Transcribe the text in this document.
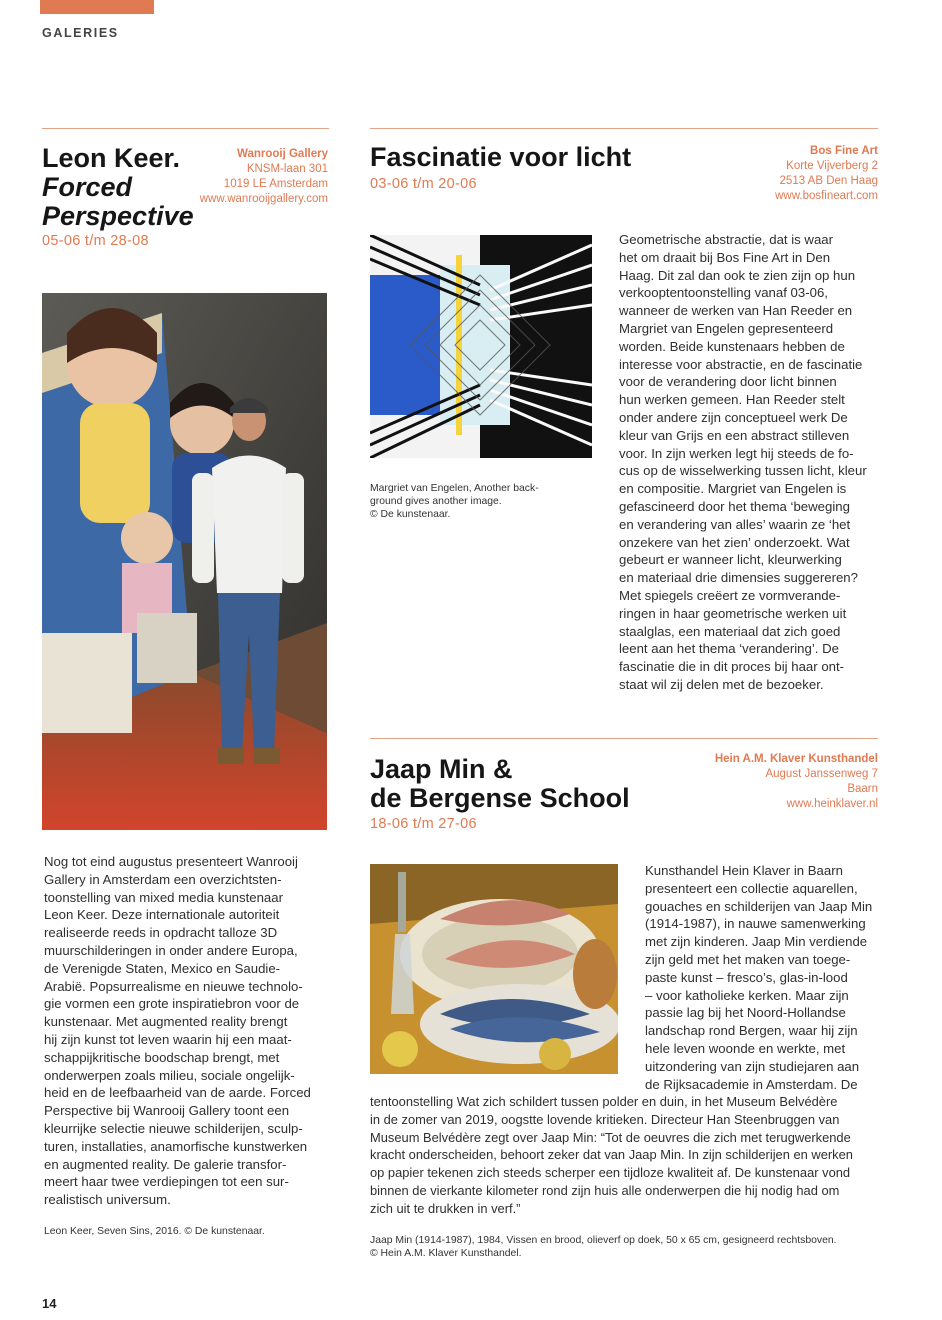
GALERIES
Leon Keer.
Forced
Perspective
05-06 t/m 28-08
Wanrooij Gallery
KNSM-laan 301
1019 LE Amsterdam
www.wanrooijgallery.com
Nog tot eind augustus presenteert Wanrooij
Gallery in Amsterdam een overzichtsten-
toonstelling van mixed media kunstenaar
Leon Keer. Deze internationale autoriteit
realiseerde reeds in opdracht talloze 3D
muurschilderingen in onder andere Europa,
de Verenigde Staten, Mexico en Saudie-
Arabië. Popsurrealisme en nieuwe technolo-
gie vormen een grote inspiratiebron voor de
kunstenaar. Met augmented reality brengt
hij zijn kunst tot leven waarin hij een maat-
schappijkritische boodschap brengt, met
onderwerpen zoals milieu, sociale ongelijk-
heid en de leefbaarheid van de aarde. Forced
Perspective bij Wanrooij Gallery toont een
kleurrijke selectie nieuwe schilderijen, sculp-
turen, installaties, anamorfische kunstwerken
en augmented reality. De galerie transfor-
meert haar twee verdiepingen tot een sur-
realistisch universum.
Leon Keer, Seven Sins, 2016. © De kunstenaar.
Fascinatie voor licht
03-06 t/m 20-06
Bos Fine Art
Korte Vijverberg 2
2513 AB Den Haag
www.bosfineart.com
Margriet van Engelen, Another back-
ground gives another image.
© De kunstenaar.
Geometrische abstractie, dat is waar
het om draait bij Bos Fine Art in Den
Haag. Dit zal dan ook te zien zijn op hun
verkooptentoonstelling vanaf 03-06,
wanneer de werken van Han Reeder en
Margriet van Engelen gepresenteerd
worden. Beide kunstenaars hebben de
interesse voor abstractie, en de fascinatie
voor de verandering door licht binnen
hun werken gemeen. Han Reeder stelt
onder andere zijn conceptueel werk De
kleur van Grijs en een abstract stilleven
voor. In zijn werken legt hij steeds de fo-
cus op de wisselwerking tussen licht, kleur
en compositie. Margriet van Engelen is
gefascineerd door het thema ‘beweging
en verandering van alles’ waarin ze ‘het
onzekere van het zien’ onderzoekt. Wat
gebeurt er wanneer licht, kleurwerking
en materiaal drie dimensies suggereren?
Met spiegels creëert ze vormverande-
ringen in haar geometrische werken uit
staalglas, een materiaal dat zich goed
leent aan het thema ‘verandering’. De
fascinatie die in dit proces bij haar ont-
staat wil zij delen met de bezoeker.
Jaap Min &
de Bergense School
18-06 t/m 27-06
Hein A.M. Klaver Kunsthandel
August Janssenweg 7
Baarn
www.heinklaver.nl
Kunsthandel Hein Klaver in Baarn
presenteert een collectie aquarellen,
gouaches en schilderijen van Jaap Min
(1914-1987), in nauwe samenwerking
met zijn kinderen. Jaap Min verdiende
zijn geld met het maken van toege-
paste kunst – fresco’s, glas-in-lood
– voor katholieke kerken. Maar zijn
passie lag bij het Noord-Hollandse
landschap rond Bergen, waar hij zijn
hele leven woonde en werkte, met
uitzondering van zijn studiejaren aan
de Rijksacademie in Amsterdam. De
tentoonstelling Wat zich schildert tussen polder en duin, in het Museum Belvédère
in de zomer van 2019, oogstte lovende kritieken. Directeur Han Steenbruggen van
Museum Belvédère zegt over Jaap Min: “Tot de oeuvres die zich met terugwerkende
kracht onderscheiden, behoort zeker dat van Jaap Min. In zijn schilderijen en werken
op papier tekenen zich steeds scherper een tijdloze kwaliteit af. De kunstenaar vond
binnen de vierkante kilometer rond zijn huis alle onderwerpen die hij nodig had om
zich uit te drukken in verf.”
Jaap Min (1914-1987), 1984, Vissen en brood, olieverf op doek, 50 x 65 cm, gesigneerd rechtsboven.
© Hein A.M. Klaver Kunsthandel.
14
